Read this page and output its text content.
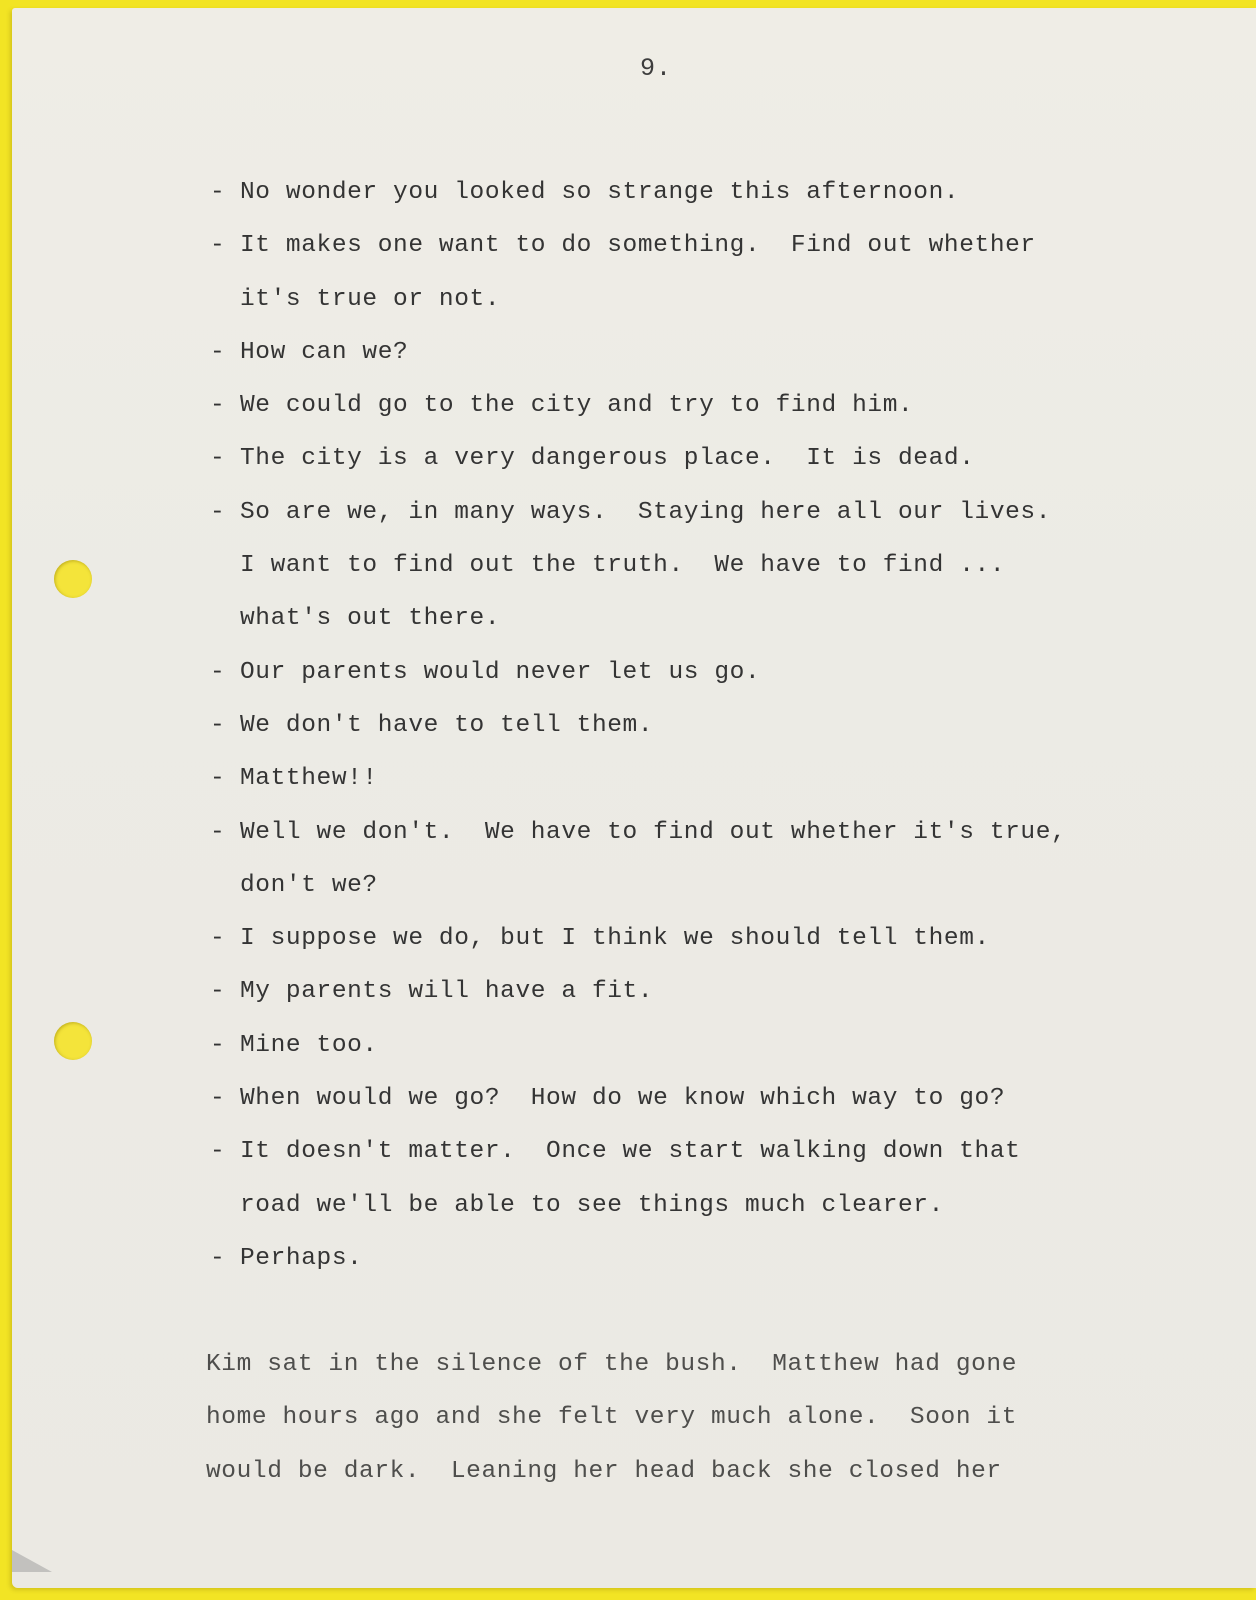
9.
- No wonder you looked so strange this afternoon.
- It makes one want to do something.  Find out whether
it's true or not.
- How can we?
- We could go to the city and try to find him.
- The city is a very dangerous place.  It is dead.
- So are we, in many ways.  Staying here all our lives.
I want to find out the truth.  We have to find ...
what's out there.
- Our parents would never let us go.
- We don't have to tell them.
- Matthew!!
- Well we don't.  We have to find out whether it's true,
don't we?
- I suppose we do, but I think we should tell them.
- My parents will have a fit.
- Mine too.
- When would we go?  How do we know which way to go?
- It doesn't matter.  Once we start walking down that
road we'll be able to see things much clearer.
- Perhaps.
Kim sat in the silence of the bush.  Matthew had gone
home hours ago and she felt very much alone.  Soon it
would be dark.  Leaning her head back she closed her
